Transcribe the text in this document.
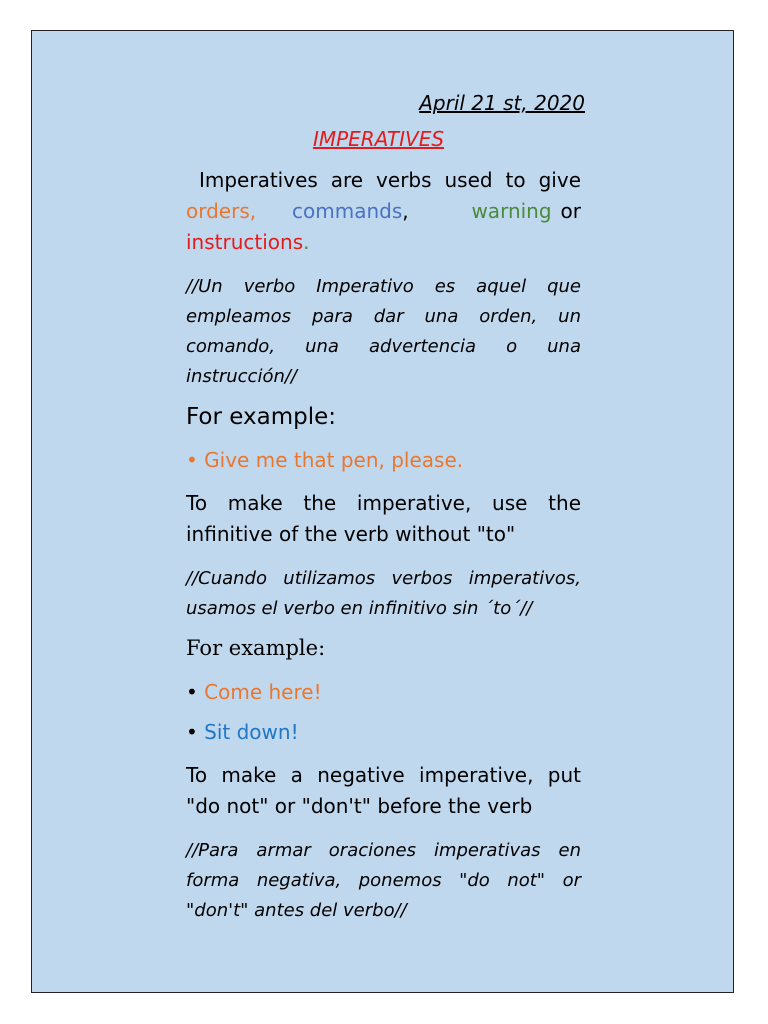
April 21 st, 2020
IMPERATIVES
Imperatives are verbs used to give orders, commands,	warning or instructions.
//Un verbo Imperativo es aquel que empleamos para dar una orden, un comando, una advertencia o una instrucción//
For example:
• Give me that pen, please.
To make the imperative, use the infinitive of the verb without "to"
//Cuando utilizamos verbos imperativos, usamos el verbo en infinitivo sin ´to´//
For example:
• Come here!
• Sit down!
To make a negative imperative, put "do not" or "don't" before the verb
//Para armar oraciones imperativas en forma negativa, ponemos "do not" or "don't" antes del verbo//
